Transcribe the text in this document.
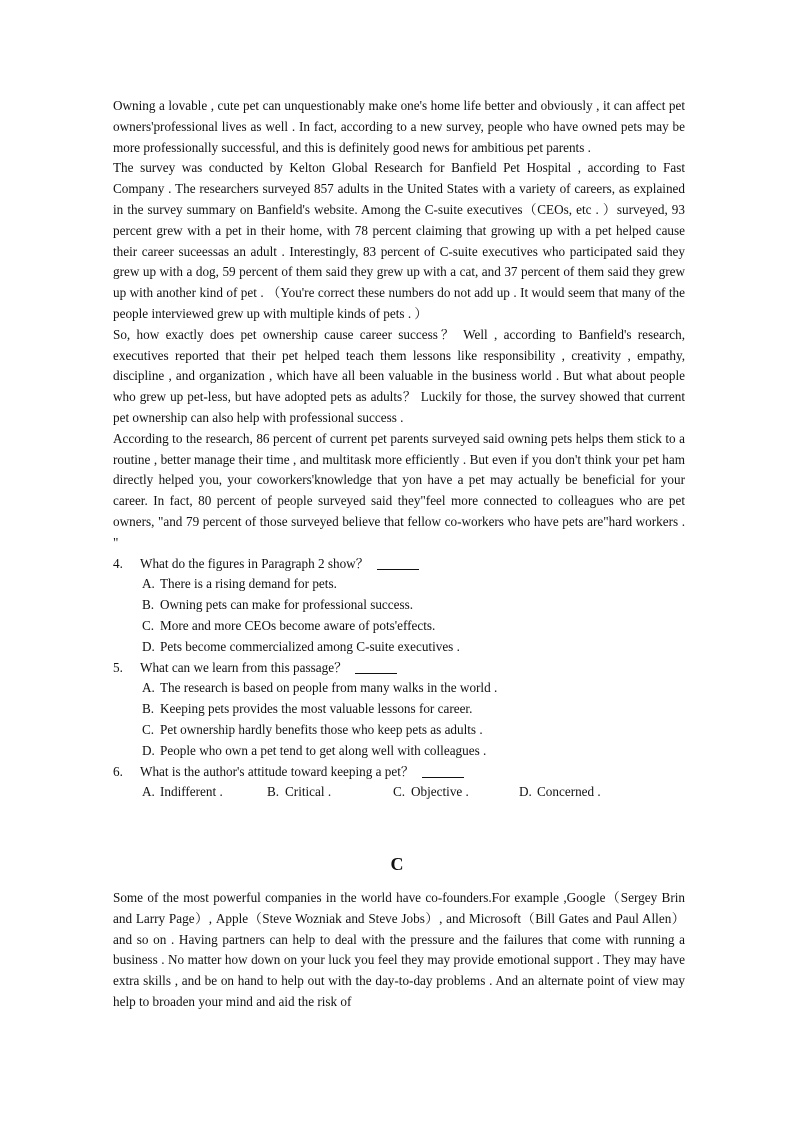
Owning a lovable , cute pet can unquestionably make one's home life better and obviously , it can affect pet owners'professional lives as well . In fact, according to a new survey, people who have owned pets may be more professionally successful, and this is definitely good news for ambitious pet parents .

The survey was conducted by Kelton Global Research for Banfield Pet Hospital , according to Fast Company . The researchers surveyed 857 adults in the United States with a variety of careers, as explained in the survey summary on Banfield's website. Among the C-suite executives（CEOs, etc . ）surveyed, 93 percent grew with a pet in their home, with 78 percent claiming that growing up with a pet helped cause their career suceessas an adult . Interestingly, 83 percent of C-suite executives who participated said they grew up with a dog, 59 percent of them said they grew up with a cat, and 37 percent of them said they grew up with another kind of pet . （You're correct these numbers do not add up . It would seem that many of the people interviewed grew up with multiple kinds of pets . ）

So, how exactly does pet ownership cause career success？ Well , according to Banfield's research, executives reported that their pet helped teach them lessons like responsibility , creativity , empathy, discipline , and organization , which have all been valuable in the business world . But what about people who grew up pet-less, but have adopted pets as adults？ Luckily for those, the survey showed that current pet ownership can also help with professional success .

According to the research, 86 percent of current pet parents surveyed said owning pets helps them stick to a routine , better manage their time , and multitask more efficiently . But even if you don't think your pet ham directly helped you, your coworkers'knowledge that yon have a pet may actually be beneficial for your career. In fact, 80 percent of people surveyed said they"feel more connected to colleagues who are pet owners, "and 79 percent of those surveyed believe that fellow co-workers who have pets are"hard workers . "

4. What do the figures in Paragraph 2 show？
A. There is a rising demand for pets.
B. Owning pets can make for professional success.
C. More and more CEOs become aware of pots'effects.
D. Pets become commercialized among C-suite executives .
5. What can we learn from this passage？
A. The research is based on people from many walks in the world .
B. Keeping pets provides the most valuable lessons for career.
C. Pet ownership hardly benefits those who keep pets as adults .
D. People who own a pet tend to get along well with colleagues .
6. What is the author's attitude toward keeping a pet？
A. Indifferent .	B. Critical .	C. Objective .	D. Concerned .
C

Some of the most powerful companies in the world have co-founders.For example ,Google（Sergey Brin and Larry Page）, Apple（Steve Wozniak and Steve Jobs）, and Microsoft（Bill Gates and Paul Allen）and so on . Having partners can help to deal with the pressure and the failures that come with running a business . No matter how down on your luck you feel they may provide emotional support . They may have extra skills , and be on hand to help out with the day-to-day problems . And an alternate point of view may help to broaden your mind and aid the risk of
